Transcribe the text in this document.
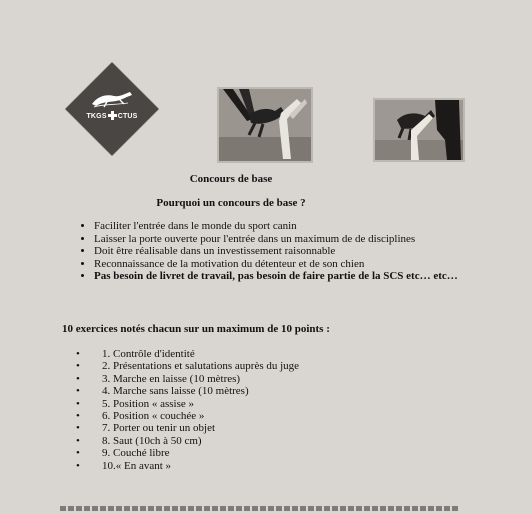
TKGS CTUS
Concours de base
Pourquoi un concours de base ?
• Faciliter l'entrée dans le monde du sport canin
• Laisser la porte ouverte pour l'entrée dans un maximum de de disciplines
• Doit être réalisable dans un investissement raisonnable
• Reconnaissance de la motivation du détenteur et de son chien
• Pas besoin de livret de travail, pas besoin de faire partie de la SCS etc… etc…
10 exercices notés chacun sur un maximum de 10 points :
• 1. Contrôle d'identité
• 2. Présentations et salutations auprès du juge
• 3. Marche en laisse (10 mètres)
• 4. Marche sans laisse (10 mètres)
• 5. Position « assise »
• 6. Position « couchée »
• 7. Porter ou tenir un objet
• 8. Saut (10ch à 50 cm)
• 9. Couché libre
• 10.« En avant »
